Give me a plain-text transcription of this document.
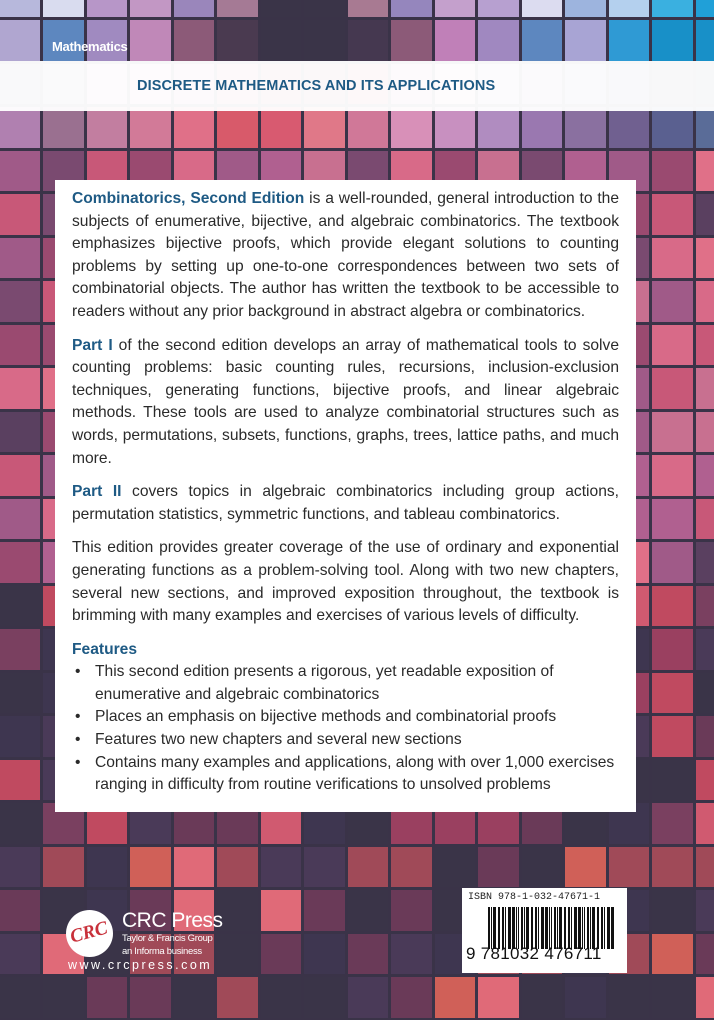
Mathematics
DISCRETE MATHEMATICS AND ITS APPLICATIONS

Combinatorics, Second Edition is a well-rounded, general introduction to the subjects of enumerative, bijective, and algebraic combinatorics. The textbook emphasizes bijective proofs, which provide elegant solutions to counting problems by setting up one-to-one correspondences between two sets of combinatorial objects. The author has written the textbook to be accessible to readers without any prior background in abstract algebra or combinatorics.

Part I of the second edition develops an array of mathematical tools to solve counting problems: basic counting rules, recursions, inclusion-exclusion techniques, generating functions, bijective proofs, and linear algebraic methods. These tools are used to analyze combinatorial structures such as words, permutations, subsets, functions, graphs, trees, lattice paths, and much more.

Part II covers topics in algebraic combinatorics including group actions, permutation statistics, symmetric functions, and tableau combinatorics.

This edition provides greater coverage of the use of ordinary and exponential generating functions as a problem-solving tool. Along with two new chapters, several new sections, and improved exposition throughout, the textbook is brimming with many examples and exercises of various levels of difficulty.

Features
• This second edition presents a rigorous, yet readable exposition of enumerative and algebraic combinatorics
• Places an emphasis on bijective methods and combinatorial proofs
• Features two new chapters and several new sections
• Contains many examples and applications, along with over 1,000 exercises ranging in difficulty from routine verifications to unsolved problems
CRC CRC Press
Taylor & Francis Group
an Informa business
www.crcpress.com
ISBN 978-1-032-47671-1
9 781032 476711
